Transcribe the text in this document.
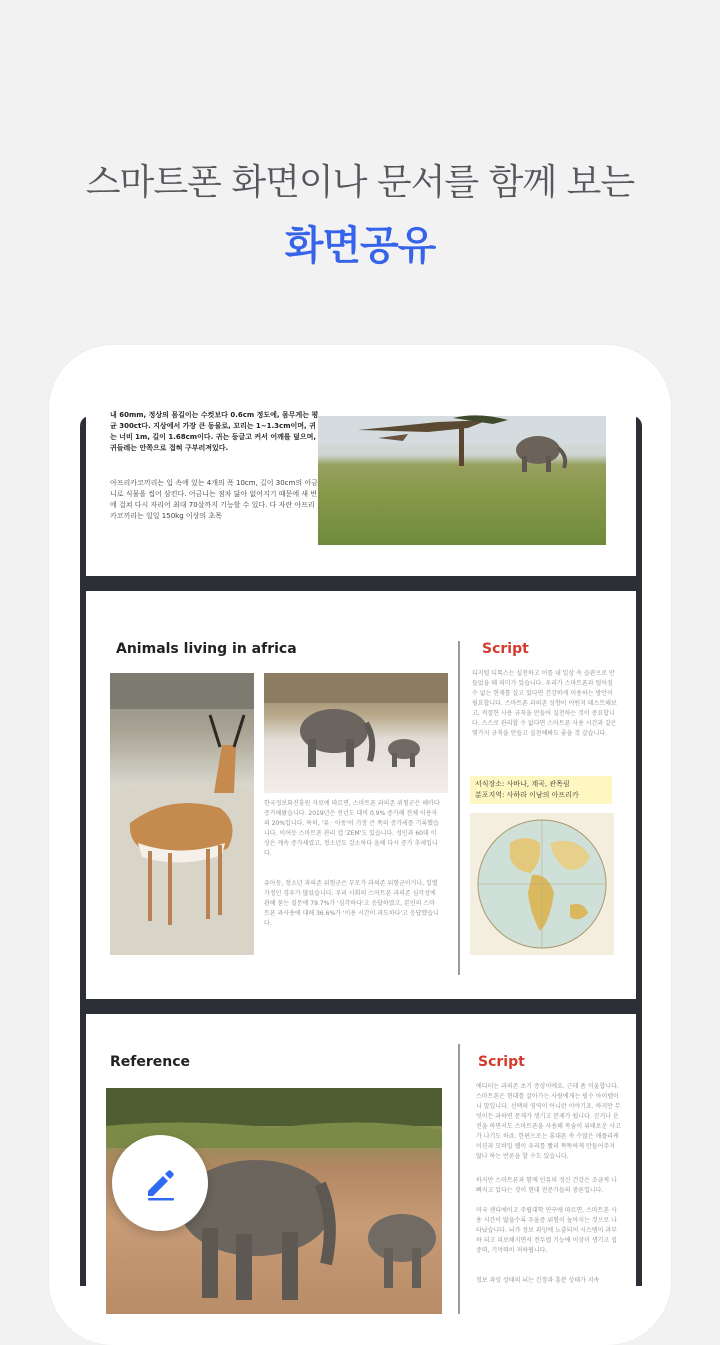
스마트폰 화면이나 문서를 함께 보는
화면공유
내 60mm, 정상의 몸길이는 수컷보다 0.6cm 정도에, 몸무게는 평균 300ct다. 지상에서 가장 큰 동물로, 꼬리는 1~1.3cm이며, 귀는 너비 1m, 길이 1.68cm이다. 귀는 둥글고 커서 어깨를 덮으며, 귀들레는 안쪽으로 접혀 구부러져있다.
아프리카코끼리는 입 속에 있는 4개의 폭 10cm, 길이 30cm의 어금니로 식물을 씹어 삼킨다. 어금니는 점차 닳아 없어지기 때문에 새 번에 걸쳐 다시 자리어 최대 70살까지 기능할 수 있다. 다 자란 아프리카코끼리는 일일 150kg 이상의 초목
Animals living in africa
한국정보화진흥원 자료에 따르면, 스마트폰 과의존 위험군은 해마다 증가해왔습니다. 2019년은 전년도 대비 0.9% 증가해 전체 이용자의 20%입니다. 특히, '유 · 아동'이 가장 큰 폭의 증가세를 기록했습니다. 이어등 스마트폰 관리 앱 'ZEM'도 있습니다. 성인과 60대 이상은 계속 증가세였고, 청소년도 감소하다 올해 다시 증가 추세입니다.
유아동, 청소년 과의존 위험군은 부모가 과의존 위험군이거나, 일별 가정인 경우가 많았습니다. 우리 사회의 스마트폰 과의존 심각성에 관해 묻는 질문에 79.7%가 '심각하다'고 응답하였고, 본인의 스마트폰 과사용에 대해 36.6%가 '이용 시간이 과도하다'고 응답했습니다.
Script
디지털 디톡스는 실천하고 이를 내 일상 속 습관으로 만들었을 때 의미가 있습니다. 우리가 스마트폰과 떨어질 수 없는 현재를 살고 있다면 건강하게 이용하는 방안이 필요합니다. 스마트폰 과의존 성향이 어떤지 테스트해보고, 적절한 사용 규칙을 만들어 실천하는 것이 중요합니다. 스스로 관리할 수 없다면 스마트폰 사용 시간과 같은 몇가지 규칙을 만들고 실천해봐도 좋을 것 같습니다.
서식장소: 사바나, 계곡, 관목림
분포지역: 사하라 이남의 아프리카
Reference	Script
에디터는 과의존 초기 증상이에요. 근데 좀 억울합니다. 스마트폰은 현대를 살아가는 사람에게는 필수 아이템이니 말입니다. 선택의 영역이 아니란 이야기죠. 하지만 무엇이든 과하면 문제가 생기고 분제가 됩니다. 걷거나 운전을 하면서도 스마트폰을 사용해 목숨이 위태로운 사고가 나기도 하죠. 한편으로는 휴대폰 속 수많은 애플리케이션과 모바일 웹이 우리를 빨리 똑똑하게 만들어주지 않나 하는 반론을 할 수도 있습니다.
하지만 스마트폰과 함께 인류의 정신 건강은 조금씩 나빠지고 있다는 것이 현대 전문가들의 중론입니다.
미국 샌디에이고 주립대학 연구에 따르면, 스마트폰 사용 시간이 많을수록 우울증 위험이 높아지는 것으로 나타났습니다. 뇌가 정보 과잉에 노출되어 시스템이 과부하 되고 피로해지면서 전두엽 기능에 이상이 생기고 집중력, 기억력이 저하됩니다.
정보 과잉 상태의 뇌는 긴장과 흥분 상태가 지속
